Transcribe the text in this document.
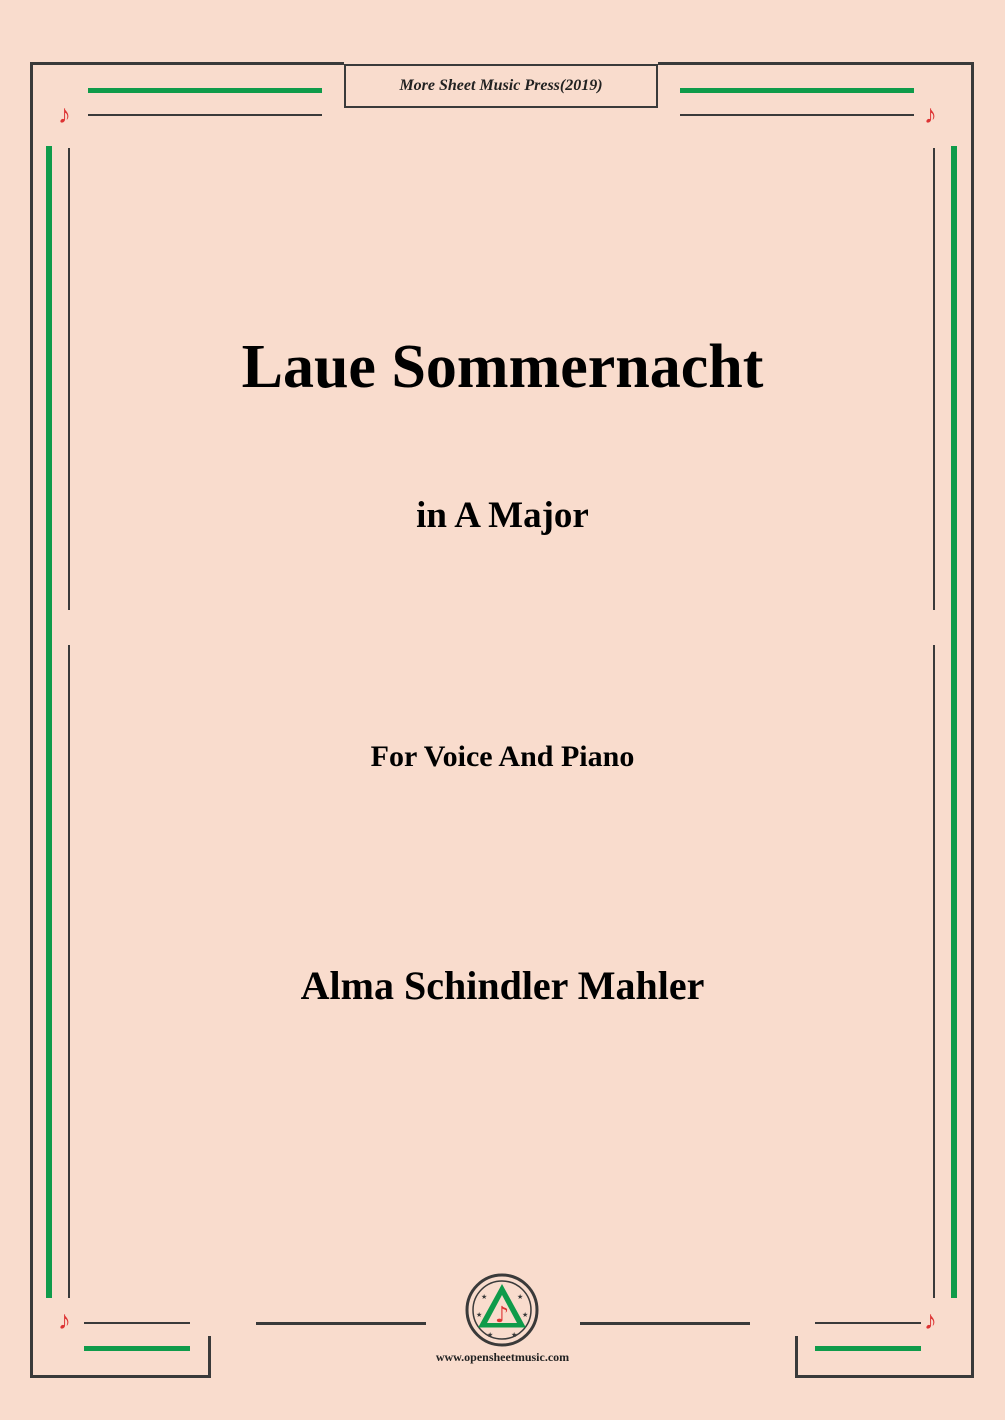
♪	♪
♪	♪
More Sheet Music Press(2019)
Laue Sommernacht
in A Major
For Voice And Piano
Alma Schindler Mahler
♪
★	★
★	★
★	★
www.opensheetmusic.com
